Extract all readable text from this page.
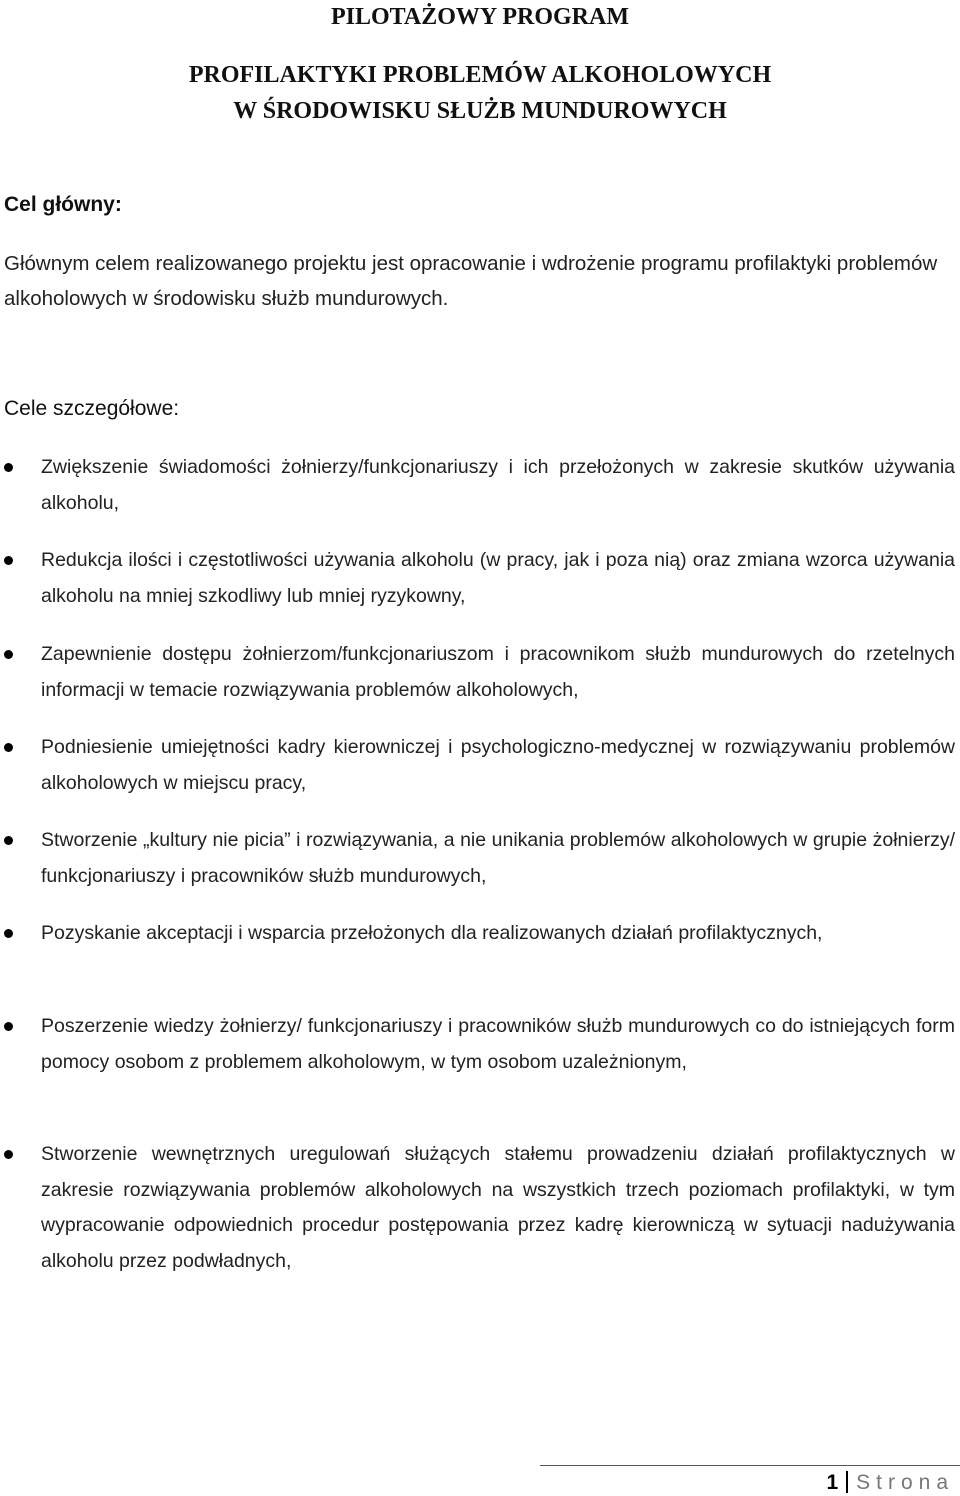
PILOTAŻOWY PROGRAM
PROFILAKTYKI PROBLEMÓW ALKOHOLOWYCH
W ŚRODOWISKU SŁUŻB MUNDUROWYCH
Cel główny:

Głównym celem realizowanego projektu jest opracowanie i wdrożenie programu profilaktyki problemów alkoholowych w środowisku służb mundurowych.

Cele szczegółowe:

Zwiększenie świadomości żołnierzy/funkcjonariuszy i ich przełożonych w zakresie skutków używania alkoholu,

Redukcja ilości i częstotliwości używania alkoholu (w pracy, jak i poza nią) oraz zmiana wzorca używania alkoholu na mniej szkodliwy lub mniej ryzykowny,

Zapewnienie dostępu żołnierzom/funkcjonariuszom i pracownikom służb mundurowych do rzetelnych informacji w temacie rozwiązywania problemów alkoholowych,

Podniesienie umiejętności kadry kierowniczej i psychologiczno-medycznej w rozwiązywaniu problemów alkoholowych w miejscu pracy,

Stworzenie „kultury nie picia” i rozwiązywania, a nie unikania problemów alkoholowych w grupie żołnierzy/ funkcjonariuszy i pracowników służb mundurowych,

Pozyskanie akceptacji i wsparcia przełożonych dla realizowanych działań profilaktycznych,

Poszerzenie wiedzy żołnierzy/ funkcjonariuszy i pracowników służb mundurowych co do istniejących form pomocy osobom z problemem alkoholowym, w tym osobom uzależnionym,

Stworzenie wewnętrznych uregulowań służących stałemu prowadzeniu działań profilaktycznych w zakresie rozwiązywania problemów alkoholowych na wszystkich trzech poziomach profilaktyki, w tym wypracowanie odpowiednich procedur postępowania przez kadrę kierowniczą w sytuacji nadużywania alkoholu przez podwładnych,

1 Strona
